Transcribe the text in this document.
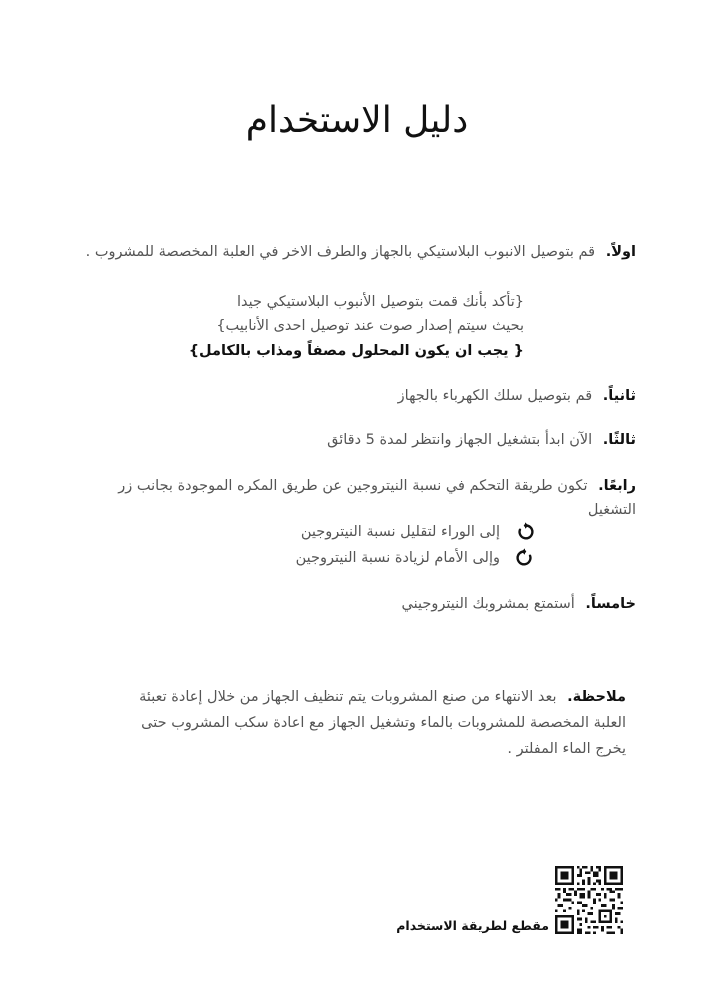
دليل الاستخدام
اولاً. قم بتوصيل الانبوب البلاستيكي بالجهاز والطرف الاخر في العلبة المخصصة للمشروب .
{تأكد بأنك قمت بتوصيل الأنبوب البلاستيكي جيدا
بحيث سيتم إصدار صوت عند توصيل احدى الأنابيب}
{ يجب ان يكون المحلول مصفاً ومذاب بالكامل}
ثانياً. قم بتوصيل سلك الكهرباء بالجهاز
ثالثًا. الآن ابدأ بتشغيل الجهاز وانتظر لمدة 5 دقائق
رابعًا. تكون طريقة التحكم في نسبة النيتروجين عن طريق المكره الموجودة بجانب زر التشغيل
إلى الوراء لتقليل نسبة النيتروجين
وإلى الأمام لزيادة نسبة النيتروجين
خامساً. أستمتع بمشروبك النيتروجيني
ملاحظة. بعد الانتهاء من صنع المشروبات يتم تنظيف الجهاز من خلال إعادة تعبئة العلبة المخصصة للمشروبات بالماء وتشغيل الجهاز مع اعادة سكب المشروب حتى يخرج الماء المفلتر .
مقطع لطريقة الاستخدام
